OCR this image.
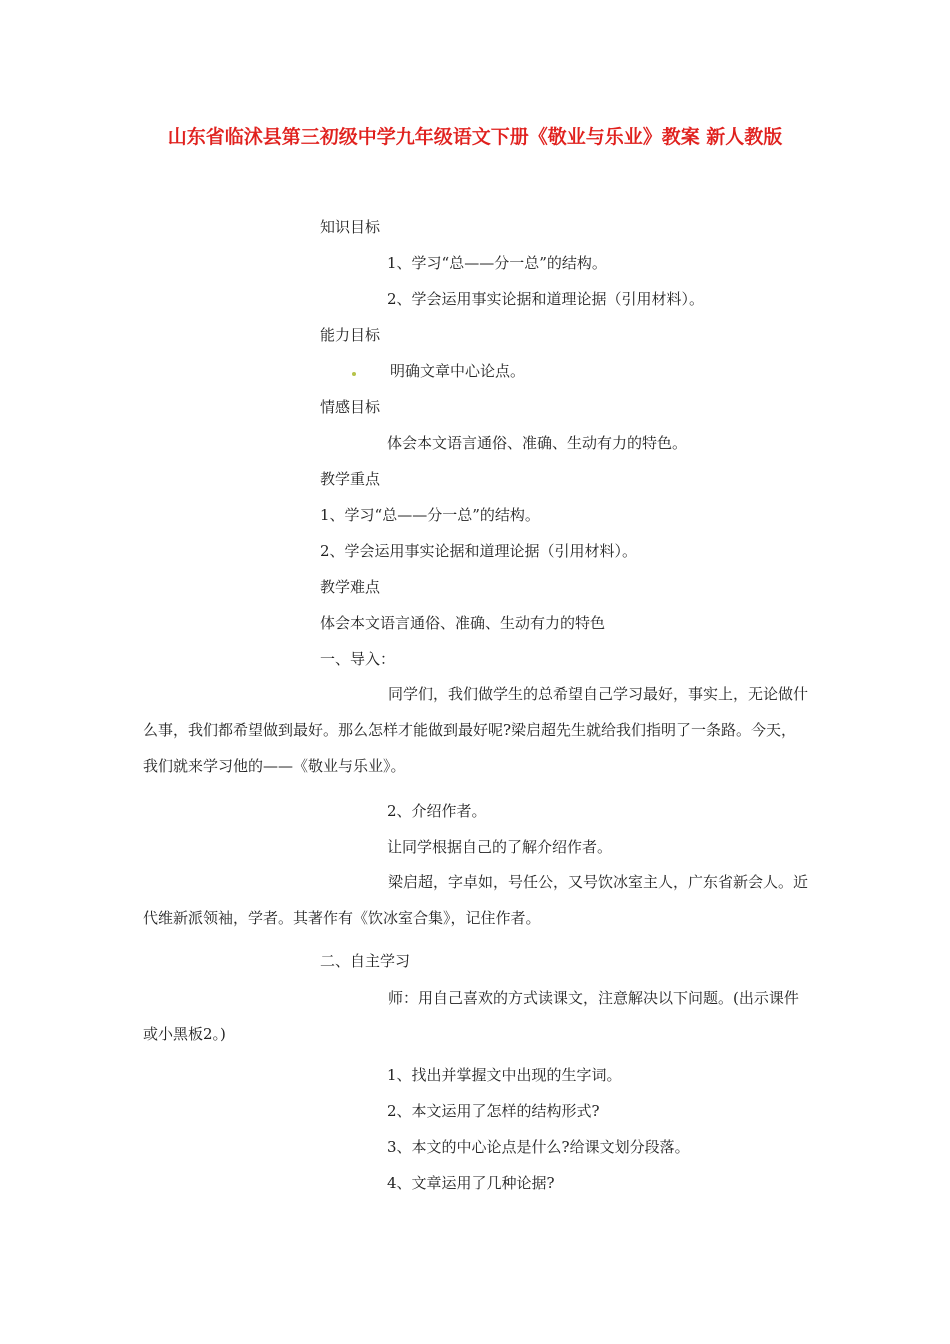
山东省临沭县第三初级中学九年级语文下册《敬业与乐业》教案 新人教版
知识目标
1、学习“总——分一总”的结构。
2、学会运用事实论据和道理论据（引用材料）。
能力目标
明确文章中心论点。
情感目标
体会本文语言通俗、准确、生动有力的特色。
教学重点
1、学习“总——分一总”的结构。
2、学会运用事实论据和道理论据（引用材料）。
教学难点
体会本文语言通俗、准确、生动有力的特色
一、导入：
同学们，我们做学生的总希望自己学习最好，事实上，无论做什么事，我们都希望做到最好。那么怎样才能做到最好呢?梁启超先生就给我们指明了一条路。今天，我们就来学习他的——《敬业与乐业》。
2、介绍作者。
让同学根据自己的了解介绍作者。
梁启超，字卓如，号任公，又号饮冰室主人，广东省新会人。近代维新派领袖，学者。其著作有《饮冰室合集》，记住作者。
二、自主学习
师：用自己喜欢的方式读课文，注意解决以下问题。(出示课件或小黑板2。)
1、找出并掌握文中出现的生字词。
2、本文运用了怎样的结构形式?
3、本文的中心论点是什么?给课文划分段落。
4、文章运用了几种论据?
